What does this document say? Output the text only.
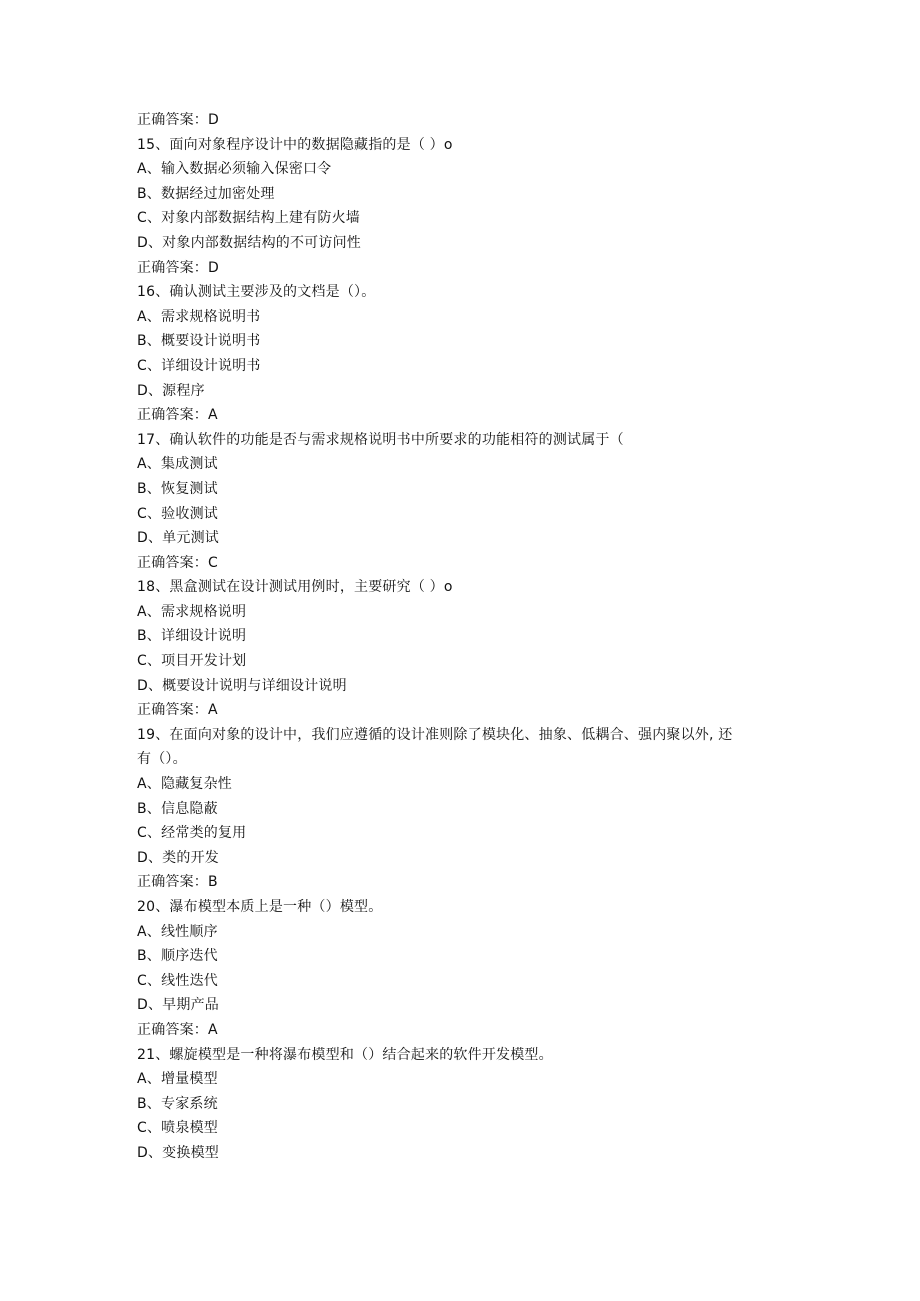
正确答案：D
15、面向对象程序设计中的数据隐藏指的是（ ）o
A、输入数据必须输入保密口令
B、数据经过加密处理
C、对象内部数据结构上建有防火墙
D、对象内部数据结构的不可访问性
正确答案：D
16、确认测试主要涉及的文档是（）。
A、需求规格说明书
B、概要设计说明书
C、详细设计说明书
D、源程序
正确答案：A
17、确认软件的功能是否与需求规格说明书中所要求的功能相符的测试属于（
A、集成测试
B、恢复测试
C、验收测试
D、单元测试
正确答案：C
18、黑盒测试在设计测试用例时，主要研究（ ）o
A、需求规格说明
B、详细设计说明
C、项目开发计划
D、概要设计说明与详细设计说明
正确答案：A
19、在面向对象的设计中，我们应遵循的设计准则除了模块化、抽象、低耦合、强内聚以外, 还
有（）。
A、隐藏复杂性
B、信息隐蔽
C、经常类的复用
D、类的开发
正确答案：B
20、瀑布模型本质上是一种（）模型。
A、线性顺序
B、顺序迭代
C、线性迭代
D、早期产品
正确答案：A
21、螺旋模型是一种将瀑布模型和（）结合起来的软件开发模型。
A、增量模型
B、专家系统
C、喷泉模型
D、变换模型
